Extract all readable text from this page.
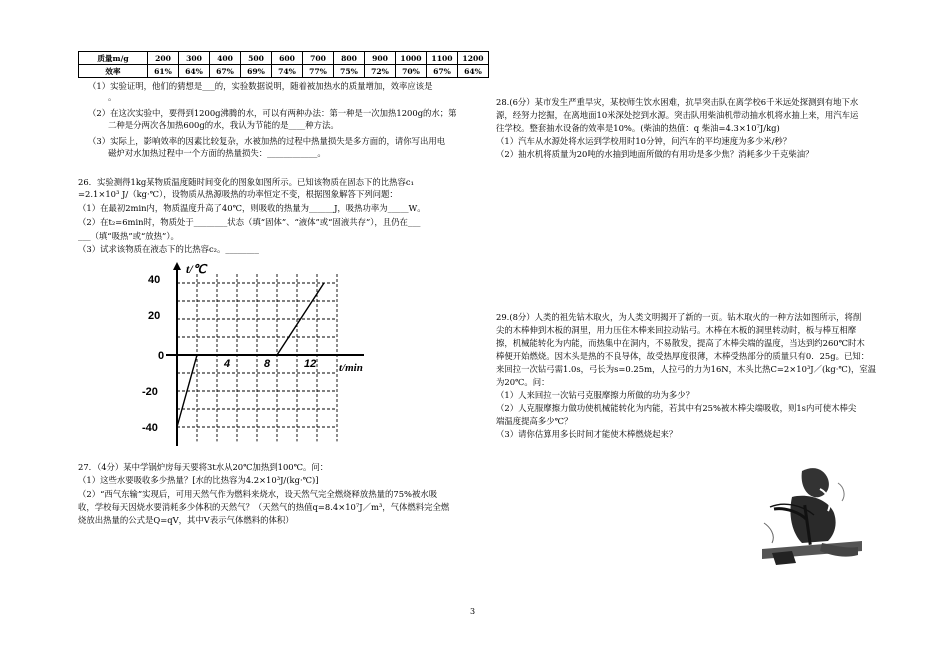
质量m/g	200	300	400	500	600	700	800	900	1000	1100	1200
效率	61%	64%	67%	69%	74%	77%	75%	72%	70%	67%	64%
（1）实验证明，他们的猜想是___的，实验数据说明，随着被加热水的质量增加，效率应该是
。
（2）在这次实验中，要得到1200g沸腾的水，可以有两种办法：第一种是一次加热1200g的水；第
二种是分两次各加热600g的水，我认为节能的是____种方法。
（3）实际上，影响效率的因素比较复杂，水被加热的过程中热量损失是多方面的，请你写出用电
磁炉对水加热过程中一个方面的热量损失：____________。
26．实验测得1kg某物质温度随时间变化的图象如图所示。已知该物质在固态下的比热容c₁
=2.1×10³ J/（kg·℃），设物质从热源吸热的功率恒定不变，根据图象解答下列问题：
（1）在最初2min内，物质温度升高了40℃，则吸收的热量为______J，吸热功率为_____W。
（2）在t₂=6min时，物质处于________状态（填“固体”、“液体”或“固液共存”），且仍在___
___（填“吸热”或“放热”）。
（3）试求该物质在液态下的比热容c₂。________
t/℃
t/min
40
20
0
-20
-40
4	8	12
27．（4分）某中学锅炉房每天要将3t水从20℃加热到100℃。问：
（1）这些水要吸收多少热量？[水的比热容为4.2×10³J/(kg·℃)]
（2）“西气东输”实现后，可用天然气作为燃料来烧水，设天然气完全燃烧释放热量的75%被水吸
收，学校每天因烧水要消耗多少体积的天然气？（天然气的热值q=8.4×10⁷J／m³，气体燃料完全燃
烧放出热量的公式是Q=qV，其中V表示气体燃料的体积）
28.(6分）某市发生严重旱灾，某校师生饮水困难，抗旱突击队在离学校6千米远处探测到有地下水
源，经努力挖掘，在离地面10米深处挖到水源。突击队用柴油机带动抽水机将水抽上来，用汽车运
往学校。整套抽水设备的效率是10%。(柴油的热值：q 柴油=4.3×10⁷J/kg)
（1）汽车从水源处将水运到学校用时10分钟，问汽车的平均速度为多少米/秒？
（2）抽水机将质量为20吨的水抽到地面所做的有用功是多少焦？消耗多少千克柴油？
29.(8分）人类的祖先钻木取火，为人类文明揭开了新的一页。钻木取火的一种方法如图所示，将削
尖的木棒伸到木板的洞里，用力压住木棒来回拉动钻弓。木棒在木板的洞里转动时，板与棒互相摩
擦，机械能转化为内能，而热集中在洞内，不易散发，提高了木棒尖端的温度，当达到约260℃时木
棒便开始燃烧。因木头是热的不良导体，故受热厚度很薄，木棒受热部分的质量只有0．25g。已知：
来回拉一次钻弓需1.0s，弓长为s=0.25m，人拉弓的力为16N，木头比热C=2×10³J／(kg·℃)，室温
为20℃。问：
（1）人来回拉一次钻弓克服摩擦力所做的功为多少？
（2）人克服摩擦力做功使机械能转化为内能，若其中有25%被木棒尖端吸收，则1s内可使木棒尖
端温度提高多少℃？
（3）请你估算用多长时间才能使木棒燃烧起来？
3
